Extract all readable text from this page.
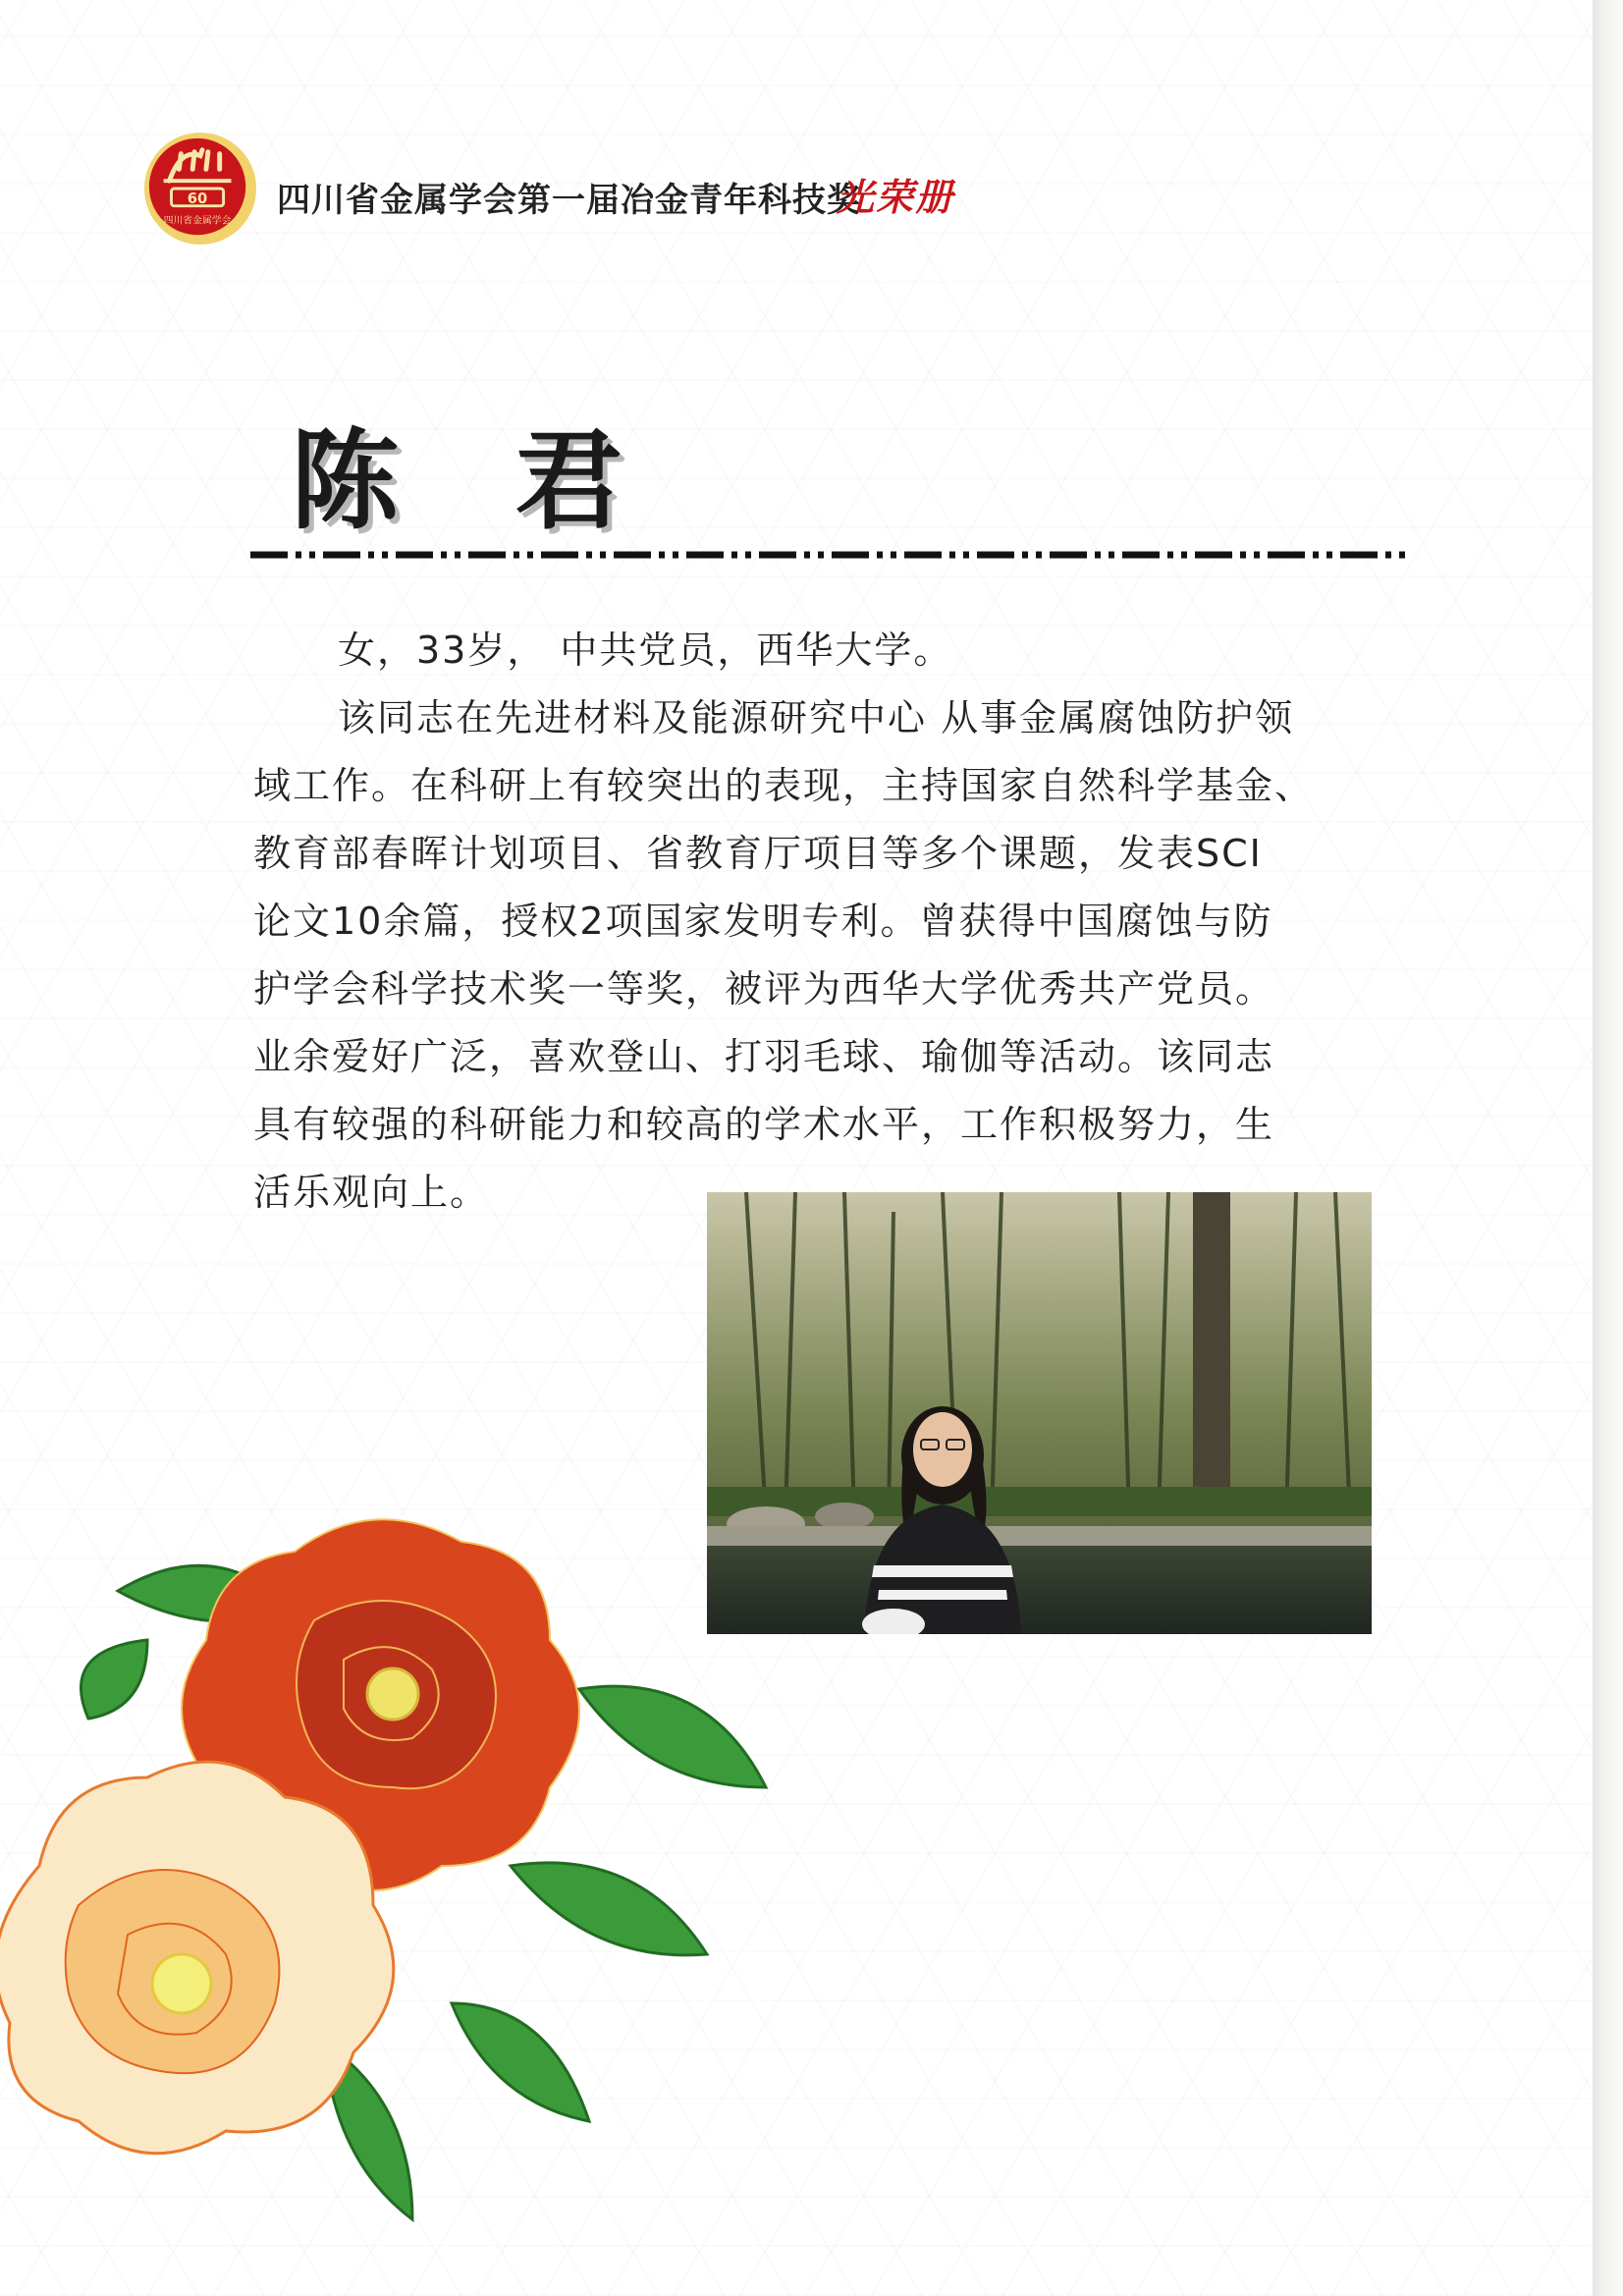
60
四川省金属学会
四川省金属学会第一届冶金青年科技奖
光荣册
陈 君

女，33岁， 中共党员，西华大学。

该同志在先进材料及能源研究中心 从事金属腐蚀防护领

域工作。在科研上有较突出的表现，主持国家自然科学基金、

教育部春晖计划项目、省教育厅项目等多个课题，发表SCI

论文10余篇，授权2项国家发明专利。曾获得中国腐蚀与防

护学会科学技术奖一等奖，被评为西华大学优秀共产党员。

业余爱好广泛，喜欢登山、打羽毛球、瑜伽等活动。该同志

具有较强的科研能力和较高的学术水平，工作积极努力，生

活乐观向上。
